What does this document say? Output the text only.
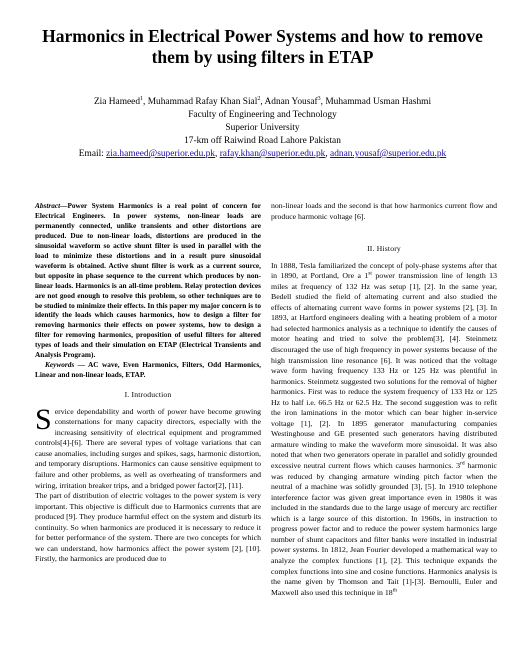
Harmonics in Electrical Power Systems and how to remove them by using filters in ETAP
Zia Hameed$^1$, Muhammad Rafay Khan Sial$^2$, Adnan Yousaf$^3$, Muhammad Usman Hashmi
Faculty of Engineering and Technology
Superior University
17-km off Raiwind Road Lahore Pakistan
Email: zia.hameed@superior.edu.pk, rafay.khan@superior.edu.pk, adnan.yousaf@superior.edu.pk

Abstract—Power System Harmonics is a real point of concern for Electrical Engineers. In power systems, non-linear loads are permanently connected, unlike transients and other distortions are produced. Due to non-linear loads, distortions are produced in the sinusoidal waveform so active shunt filter is used in parallel with the load to minimize these distortions and in a result pure sinusoidal waveform is obtained. Active shunt filter is work as a current source, but opposite in phase sequence to the current which produces by non-linear loads. Harmonics is an all-time problem. Relay protection devices are not good enough to resolve this problem, so other techniques are to be studied to minimize their effects. In this paper my major concern is to identify the loads which causes harmonics, how to design a filter for removing harmonics their effects on power systems, how to design a filter for removing harmonics, proposition of useful filters for altered types of loads and their simulation on ETAP (Electrical Transients and Analysis Program).

Keywords — AC wave, Even Harmonics, Filters, Odd Harmonics, Linear and non-linear loads, ETAP.

I. Introduction

Service dependability and worth of power have become growing consternations for many capacity directors, especially with the increasing sensitivity of electrical equipment and programmed controls[4]-[6]. There are several types of voltage variations that can cause anomalies, including surges and spikes, sags, harmonic distortion, and temporary disruptions. Harmonics can cause sensitive equipment to failure and other problems, as well as overheating of transformers and wiring, irritation breaker trips, and a bridged power factor[2], [11].

The part of distribution of electric voltages to the power system is very important. This objective is difficult due to Harmonics currents that are produced [9]. They produce harmful effect on the system and disturb its continuity. So when harmonics are produced it is necessary to reduce it for better performance of the system. There are two concepts for which we can understand, how harmonics affect the power system [2], [10]. Firstly, the harmonics are produced due to

non-linear loads and the second is that how harmonics current flow and produce harmonic voltage [6].

II. History

In 1888, Tesla familiarized the concept of poly-phase systems after that in 1890, at Portland, Ore a 1st power transmission line of length 13 miles at frequency of 132 Hz was setup [1], [2]. In the same year, Bedell studied the field of alternating current and also studied the effects of alternating current wave forms in power systems [2], [3]. In 1893, at Hartford engineers dealing with a heating problem of a motor had selected harmonics analysis as a technique to identify the causes of motor heating and tried to solve the problem[3], [4]. Steinmetz discouraged the use of high frequency in power systems because of the high transmission line resonance [6]. It was noticed that the voltage wave form having frequency 133 Hz or 125 Hz was plentiful in harmonics. Steinmetz suggested two solutions for the removal of higher harmonics. First was to reduce the system frequency of 133 Hz or 125 Hz to half i.e. 66.5 Hz or 62.5 Hz. The second suggestion was to refit the iron laminations in the motor which can bear higher in-service voltage [1], [2]. In 1895 generator manufacturing companies Westinghouse and GE presented such generators having distributed armature winding to make the waveform more sinusoidal. It was also noted that when two generators operate in parallel and solidly grounded excessive neutral current flows which causes harmonics. 3rd harmonic was reduced by changing armature winding pitch factor when the neutral of a machine was solidly grounded [3], [5]. In 1910 telephone interference factor was given great importance even in 1980s it was included in the standards due to the large usage of mercury arc rectifier which is a large source of this distortion. In 1960s, in instruction to progress power factor and to reduce the power system harmonics large number of shunt capacitors and filter banks were installed in industrial power systems. In 1812, Jean Fourier developed a mathematical way to analyze the complex functions [1], [2]. This technique expands the complex functions into sine and cosine functions. Harmonics analysis is the name given by Thomson and Tait [1]-[3]. Bernoulli, Euler and Maxwell also used this technique in 18th
